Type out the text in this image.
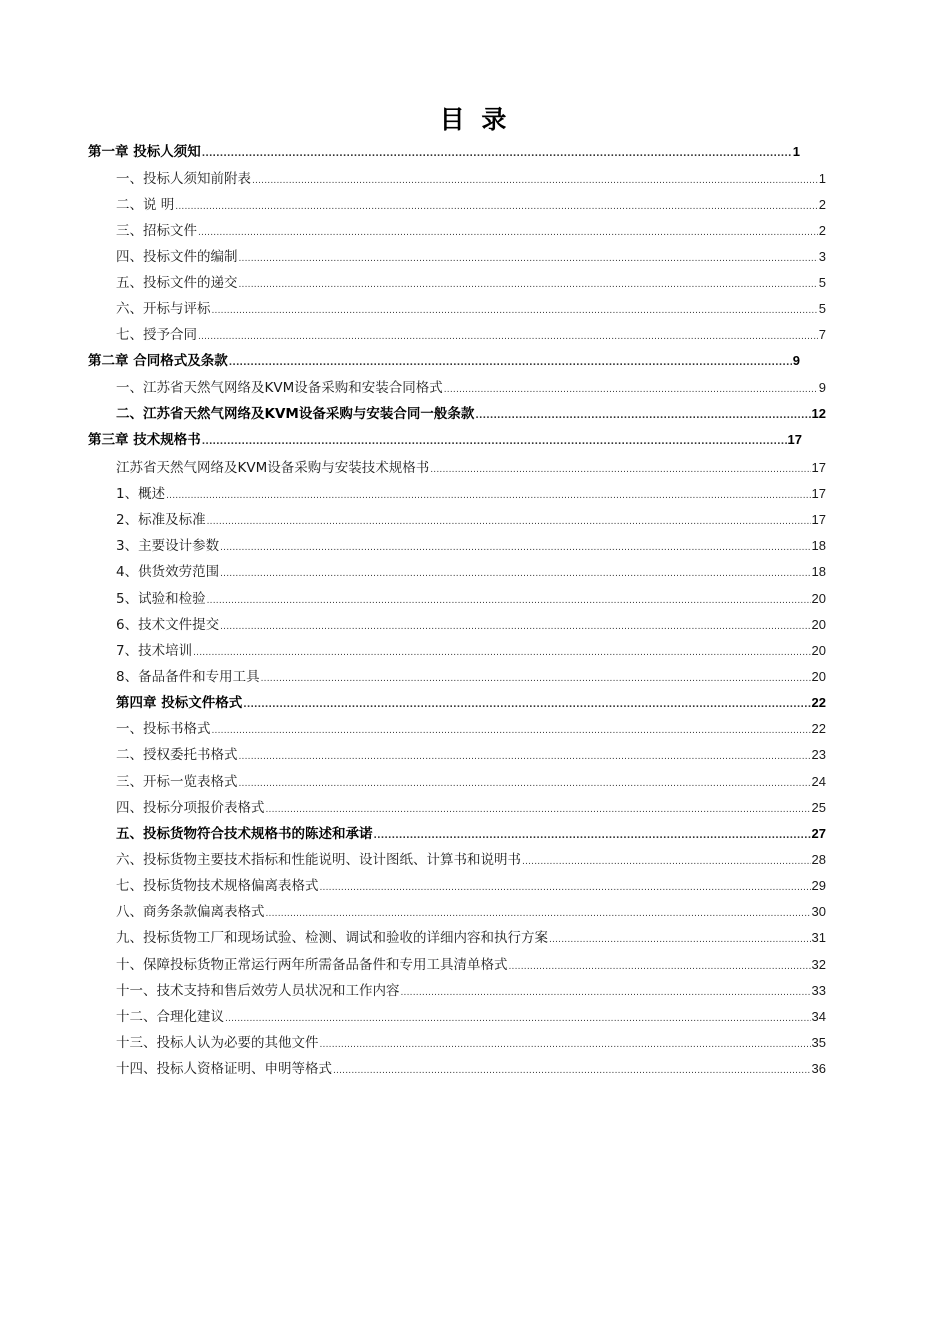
目 录
第一章 投标人须知 .....	1
一、投标人须知前附表 .....	1
二、说 明 .....	2
三、招标文件 .....	2
四、投标文件的编制 .....	3
五、投标文件的递交 .....	5
六、开标与评标 .....	5
七、授予合同 .....	7
第二章 合同格式及条款 .....	9
一、江苏省天然气网络及KVM设备采购和安装合同格式 .....	9
二、江苏省天然气网络及KVM设备采购与安装合同一般条款 .....	12
第三章 技术规格书 .....	17
江苏省天然气网络及KVM设备采购与安装技术规格书 .....	17
1、概述 .....	17
2、标准及标准 .....	17
3、主要设计参数 .....	18
4、供货效劳范围 .....	18
5、试验和检验 .....	20
6、技术文件提交 .....	20
7、技术培训 .....	20
8、备品备件和专用工具 .....	20
第四章 投标文件格式 .....	22
一、投标书格式 .....	22
二、授权委托书格式 .....	23
三、开标一览表格式 .....	24
四、投标分项报价表格式 .....	25
五、投标货物符合技术规格书的陈述和承诺 .....	27
六、投标货物主要技术指标和性能说明、设计图纸、计算书和说明书 .....	28
七、投标货物技术规格偏离表格式 .....	29
八、商务条款偏离表格式 .....	30
九、投标货物工厂和现场试验、检测、调试和验收的详细内容和执行方案 .....	31
十、保障投标货物正常运行两年所需备品备件和专用工具清单格式 .....	32
十一、技术支持和售后效劳人员状况和工作内容 .....	33
十二、合理化建议 .....	34
十三、投标人认为必要的其他文件 .....	35
十四、投标人资格证明、申明等格式 .....	36
